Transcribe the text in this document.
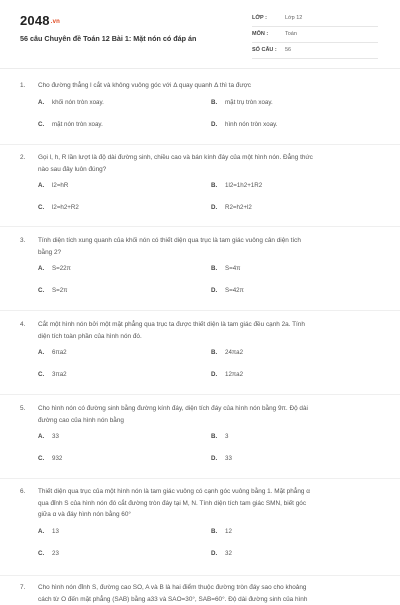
2048.vn
56 câu Chuyên đề Toán 12 Bài 1: Mặt nón có đáp án
LỚP :	Lớp 12
MÔN :	Toán
SỐ CÂU : 56
1. Cho đường thẳng l cắt và không vuông góc với Δ quay quanh Δ thì ta được
A. khối nón tròn xoay.	B. mặt trụ tròn xoay.
C. mặt nón tròn xoay.	D. hình nón tròn xoay.
2. Gọi l, h, R lần lượt là độ dài đường sinh, chiều cao và bán kính đáy của một hình nón. Đẳng thức
nào sau đây luôn đúng?
A. l2=hR	B. 1l2=1h2+1R2
C. l2=h2+R2	D. R2=h2+l2
3. Tính diện tích xung quanh của khối nón có thiết diện qua trục là tam giác vuông cân diện tích
bằng 2?
A. S=22π	B. S=4π
C. S=2π	D. S=42π
4. Cắt một hình nón bởi một mặt phẳng qua trục ta được thiết diện là tam giác đều cạnh 2a. Tính
diện tích toàn phần của hình nón đó.
A. 6πa2	B. 24πa2
C. 3πa2	D. 12πa2
5. Cho hình nón có đường sinh bằng đường kính đáy, diện tích đáy của hình nón bằng 9π. Độ dài
đường cao của hình nón bằng
A. 33	B. 3
C. 932	D. 33
6. Thiết diện qua trục của một hình nón là tam giác vuông có cạnh góc vuông bằng 1. Mặt phẳng α
qua đỉnh S của hình nón đó cắt đường tròn đáy tại M, N. Tính diện tích tam giác SMN, biết góc
giữa α và đáy hình nón bằng 60°
A. 13	B. 12
C. 23	D. 32
7. Cho hình nón đỉnh S, đường cao SO, A và B là hai điểm thuộc đường tròn đáy sao cho khoảng
cách từ O đến mặt phẳng (SAB) bằng a33 và SAO=30°, SAB=60°. Độ dài đường sinh của hình
